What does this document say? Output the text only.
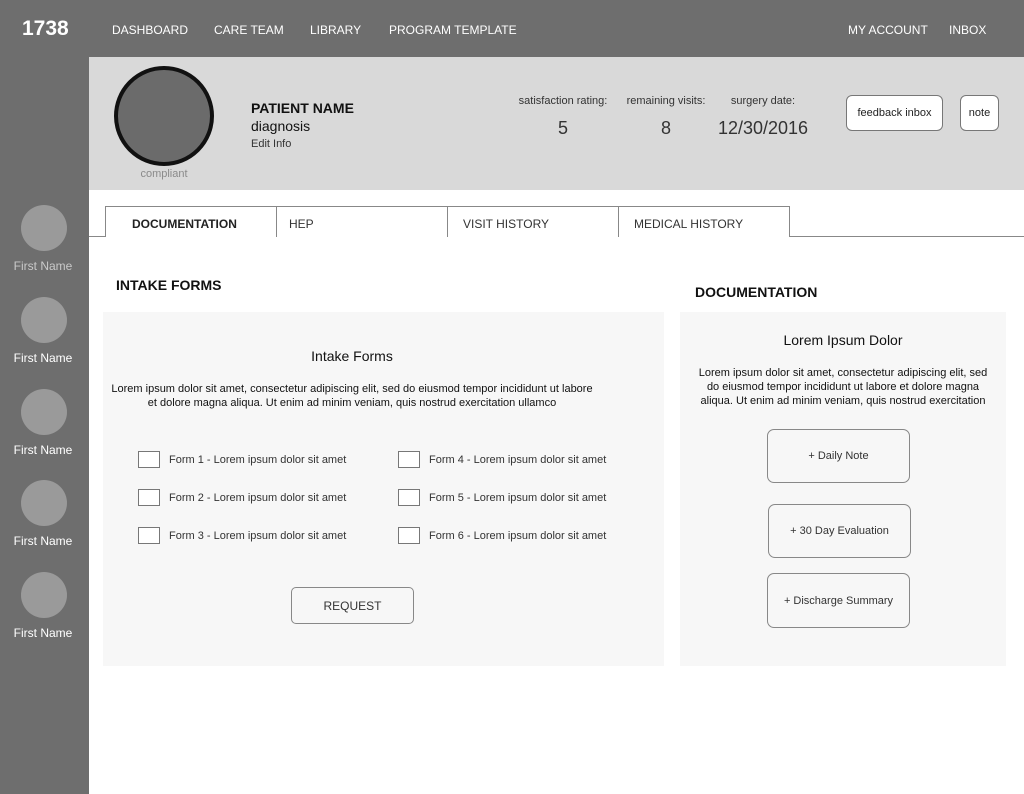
1738	DASHBOARD CARE TEAM LIBRARY PROGRAM TEMPLATE	MY ACCOUNT INBOX
First Name
First Name
First Name
First Name
First Name
compliant
PATIENT NAME
diagnosis
Edit Info
satisfaction rating:
5
remaining visits:
8
surgery date:
12/30/2016
feedback inbox	note
DOCUMENTATION	HEP	VISIT HISTORY	MEDICAL HISTORY
INTAKE FORMS
Intake Forms
Lorem ipsum dolor sit amet, consectetur adipiscing elit, sed do eiusmod tempor incididunt ut labore
et dolore magna aliqua. Ut enim ad minim veniam, quis nostrud exercitation ullamco
Form 1 - Lorem ipsum dolor sit amet
Form 2 - Lorem ipsum dolor sit amet
Form 3 - Lorem ipsum dolor sit amet
Form 4 - Lorem ipsum dolor sit amet
Form 5 - Lorem ipsum dolor sit amet
Form 6 - Lorem ipsum dolor sit amet
REQUEST
DOCUMENTATION
Lorem Ipsum Dolor
Lorem ipsum dolor sit amet, consectetur adipiscing elit, sed
do eiusmod tempor incididunt ut labore et dolore magna
aliqua. Ut enim ad minim veniam, quis nostrud exercitation
+ Daily Note
+ 30 Day Evaluation
+ Discharge Summary
